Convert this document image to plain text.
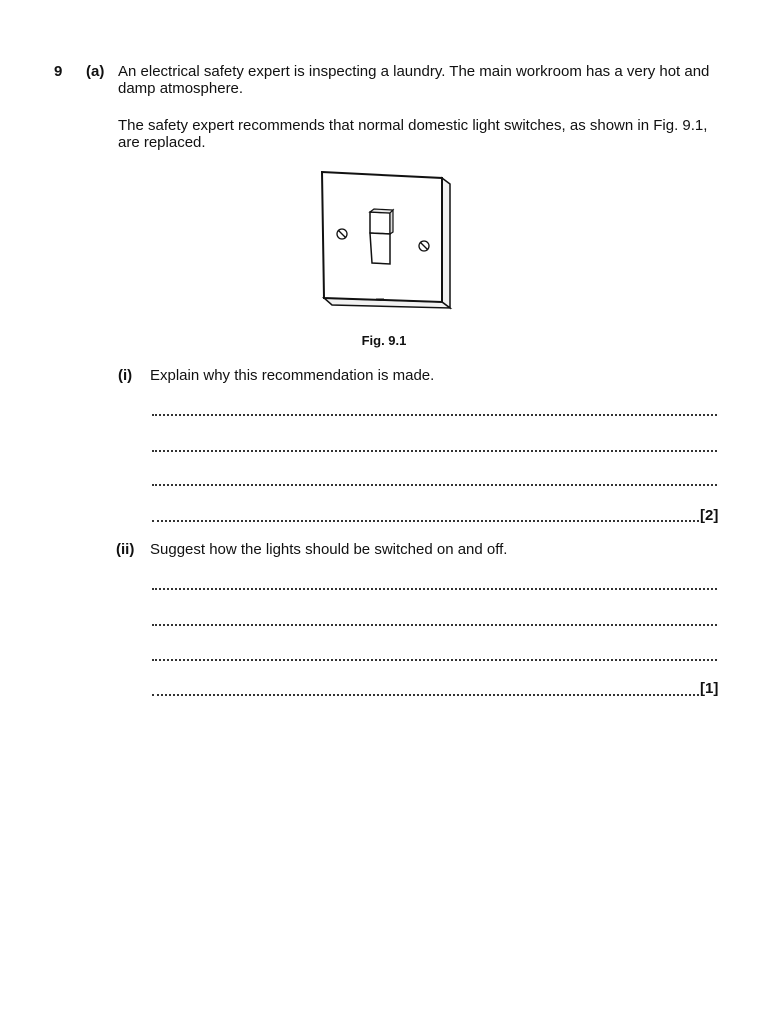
9 (a) An electrical safety expert is inspecting a laundry. The main workroom has a very hot and damp atmosphere.
The safety expert recommends that normal domestic light switches, as shown in Fig. 9.1, are replaced.
Fig. 9.1
(i) Explain why this recommendation is made.
[2]
(ii) Suggest how the lights should be switched on and off.
[1]
